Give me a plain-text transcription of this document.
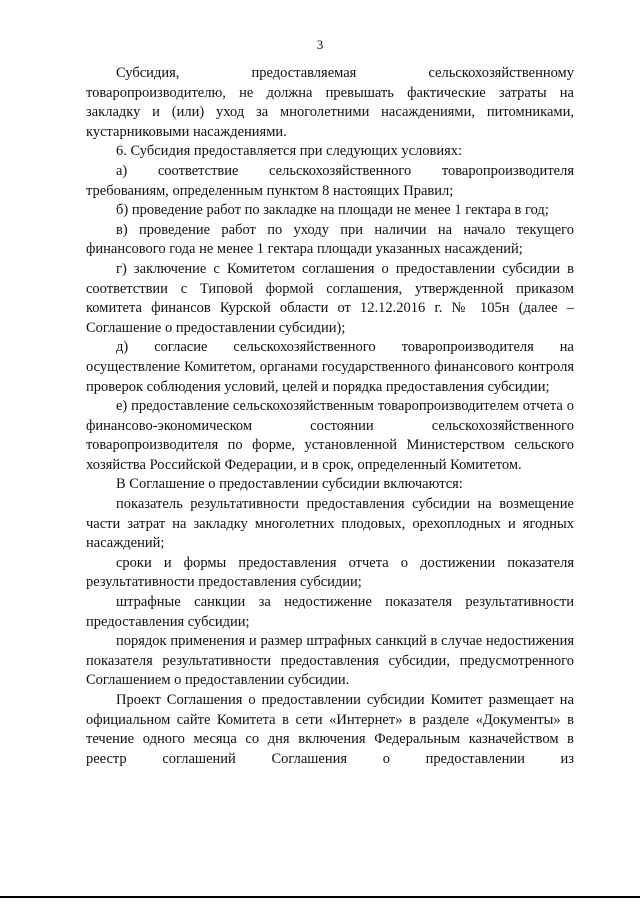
3

Субсидия, предоставляемая сельскохозяйственному товаропроизводителю, не должна превышать фактические затраты на закладку и (или) уход за многолетними насаждениями, питомниками, кустарниковыми насаждениями.

6. Субсидия предоставляется при следующих условиях:

а) соответствие сельскохозяйственного товаропроизводителя требованиям, определенным пунктом 8 настоящих Правил;

б) проведение работ по закладке на площади не менее 1 гектара в год;

в) проведение работ по уходу при наличии на начало текущего финансового года не менее 1 гектара площади указанных насаждений;

г) заключение с Комитетом соглашения о предоставлении субсидии в соответствии с Типовой формой соглашения, утвержденной приказом комитета финансов Курской области от 12.12.2016 г. № 105н (далее – Соглашение о предоставлении субсидии);

д) согласие сельскохозяйственного товаропроизводителя на осуществление Комитетом, органами государственного финансового контроля проверок соблюдения условий, целей и порядка предоставления субсидии;

е) предоставление сельскохозяйственным товаропроизводителем отчета о финансово-экономическом состоянии сельскохозяйственного товаропроизводителя по форме, установленной Министерством сельского хозяйства Российской Федерации, и в срок, определенный Комитетом.

В Соглашение о предоставлении субсидии включаются:

показатель результативности предоставления субсидии на возмещение части затрат на закладку многолетних плодовых, орехоплодных и ягодных насаждений;

сроки и формы предоставления отчета о достижении показателя результативности предоставления субсидии;

штрафные санкции за недостижение показателя результативности предоставления субсидии;

порядок применения и размер штрафных санкций в случае недостижения показателя результативности предоставления субсидии, предусмотренного Соглашением о предоставлении субсидии.

Проект Соглашения о предоставлении субсидии Комитет размещает на официальном сайте Комитета в сети «Интернет» в разделе «Документы» в течение одного месяца со дня включения Федеральным казначейством в реестр соглашений Соглашения о предоставлении из
